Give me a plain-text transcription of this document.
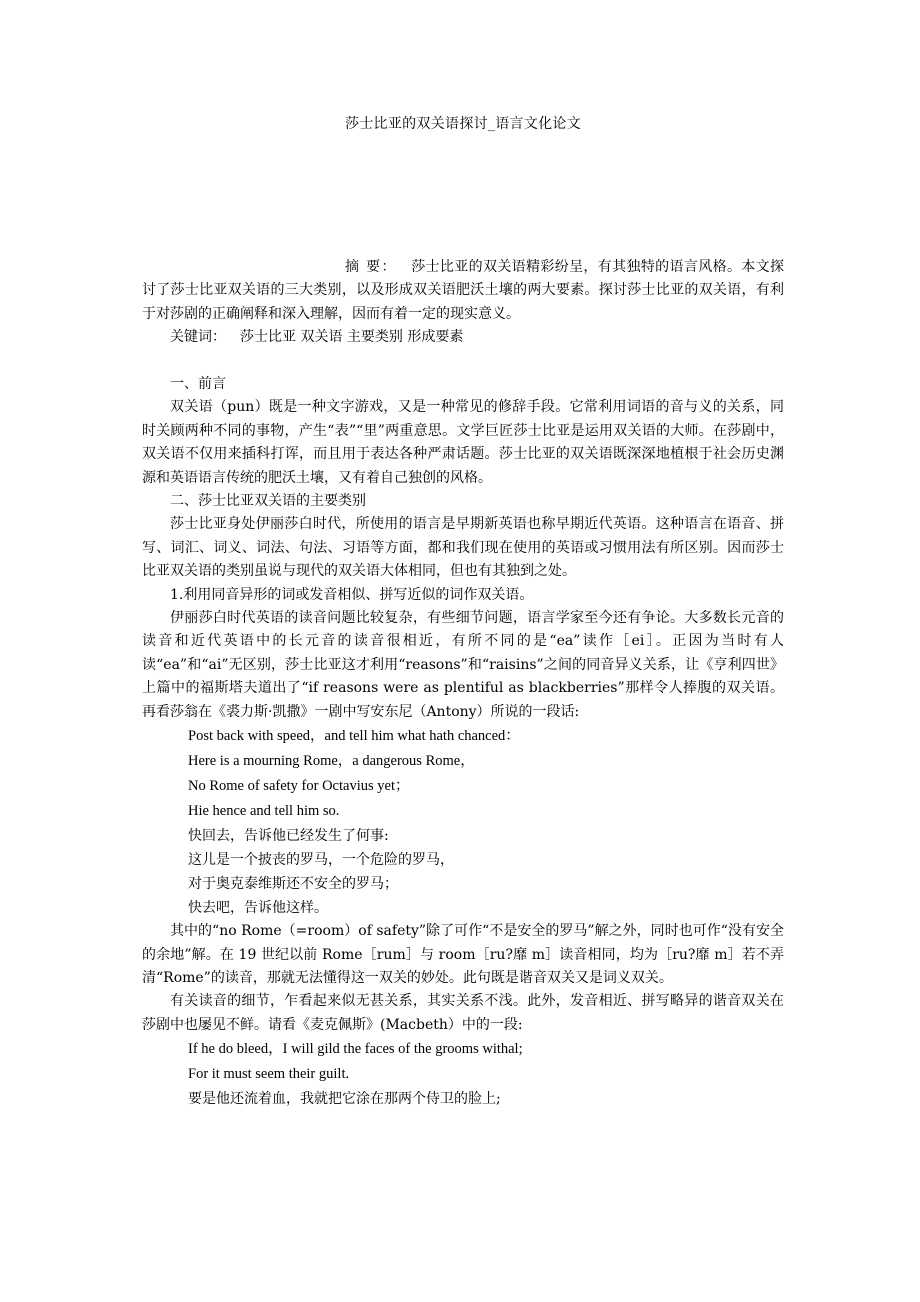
莎士比亚的双关语探讨_语言文化论文

摘 要： 莎士比亚的双关语精彩纷呈，有其独特的语言风格。本文探讨了莎士比亚双关语的三大类别，以及形成双关语肥沃土壤的两大要素。探讨莎士比亚的双关语，有利于对莎剧的正确阐释和深入理解，因而有着一定的现实意义。

关键词： 莎士比亚 双关语 主要类别 形成要素

一、前言

双关语（pun）既是一种文字游戏，又是一种常见的修辞手段。它常利用词语的音与义的关系，同时关顾两种不同的事物，产生“表”“里”两重意思。文学巨匠莎士比亚是运用双关语的大师。在莎剧中，双关语不仅用来插科打诨，而且用于表达各种严肃话题。莎士比亚的双关语既深深地植根于社会历史渊源和英语语言传统的肥沃土壤，又有着自己独创的风格。

二、莎士比亚双关语的主要类别

莎士比亚身处伊丽莎白时代，所使用的语言是早期新英语也称早期近代英语。这种语言在语音、拼写、词汇、词义、词法、句法、习语等方面，都和我们现在使用的英语或习惯用法有所区别。因而莎士比亚双关语的类别虽说与现代的双关语大体相同，但也有其独到之处。

1.利用同音异形的词或发音相似、拼写近似的词作双关语。

伊丽莎白时代英语的读音问题比较复杂，有些细节问题，语言学家至今还有争论。大多数长元音的读音和近代英语中的长元音的读音很相近，有所不同的是“ea”读作［ei］。正因为当时有人读“ea”和“ai”无区别，莎士比亚这才利用“reasons”和“raisins”之间的同音异义关系，让《亨利四世》上篇中的福斯塔夫道出了“if reasons were as plentiful as blackberries”那样令人捧腹的双关语。再看莎翁在《裘力斯·凯撒》一剧中写安东尼（Antony）所说的一段话:

Post back with speed，and tell him what hath chanced：

Here is a mourning Rome，a dangerous Rome，

No Rome of safety for Octavius yet；

Hie hence and tell him so.

快回去，告诉他已经发生了何事:

这儿是一个披丧的罗马，一个危险的罗马，

对于奥克泰维斯还不安全的罗马；

快去吧，告诉他这样。

其中的“no Rome（=room）of safety”除了可作“不是安全的罗马”解之外，同时也可作“没有安全的余地”解。在 19 世纪以前 Rome［rum］与 room［ru?靡 m］读音相同，均为［ru?靡 m］若不弄清“Rome”的读音，那就无法懂得这一双关的妙处。此句既是谐音双关又是词义双关。

有关读音的细节，乍看起来似无甚关系，其实关系不浅。此外，发音相近、拼写略异的谐音双关在莎剧中也屡见不鲜。请看《麦克佩斯》(Macbeth）中的一段:

If he do bleed，I will gild the faces of the grooms withal;

For it must seem their guilt.

要是他还流着血，我就把它涂在那两个侍卫的脸上;
